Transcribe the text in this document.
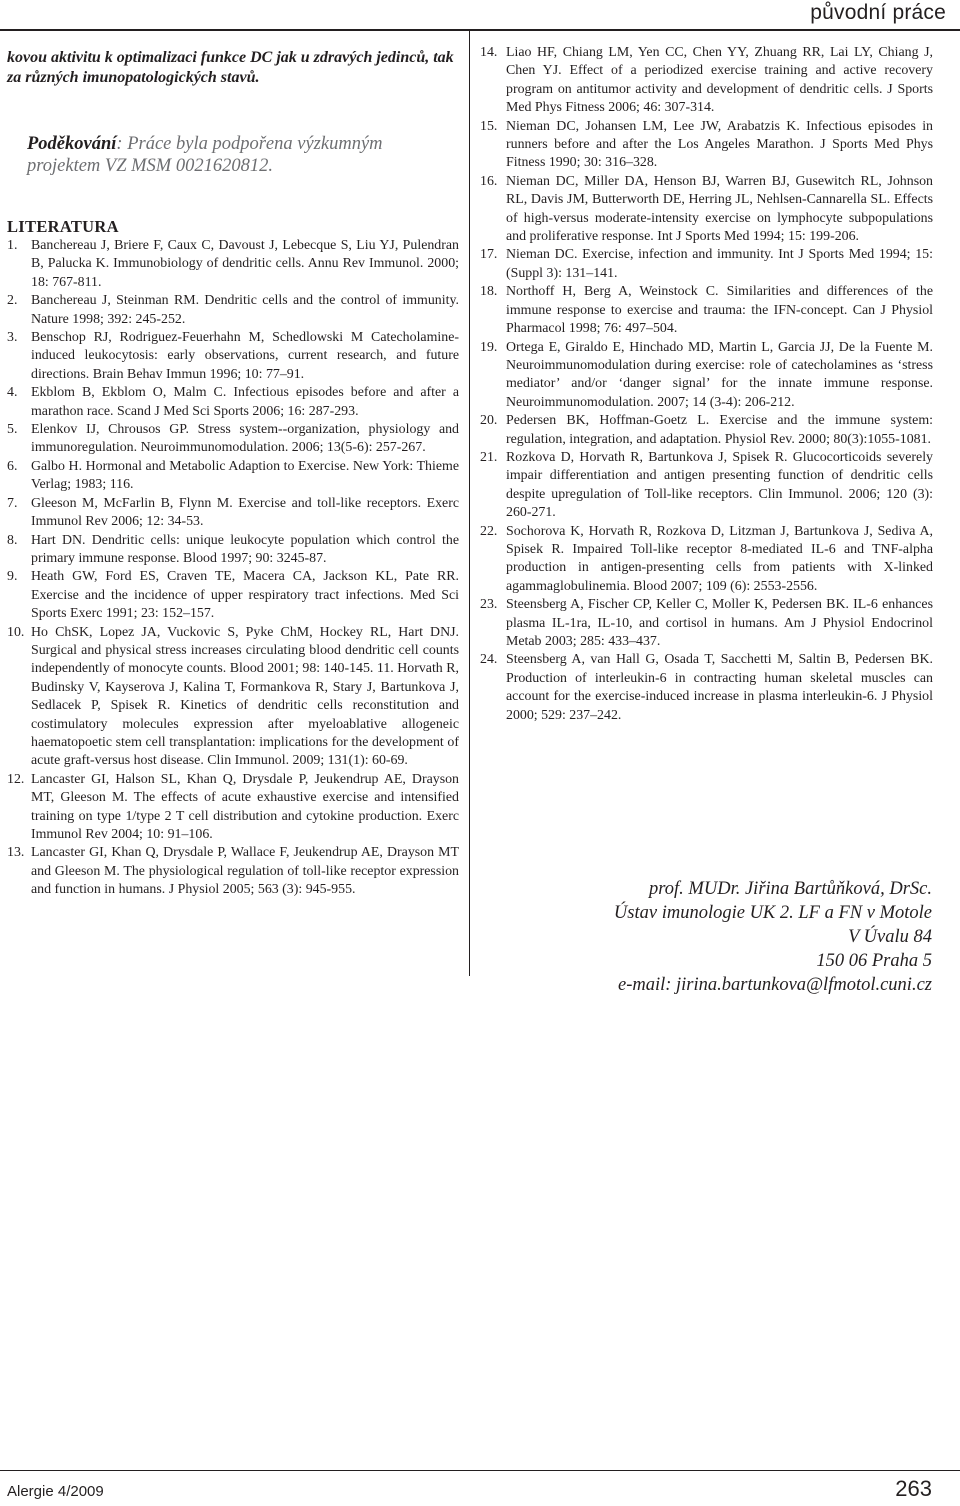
původní práce

kovou aktivitu k optimalizaci funkce DC jak u zdravých jedinců, tak za různých imunopatologických stavů.

Poděkování: Práce byla podpořena výzkumným projektem VZ MSM 0021620812.

LITERATURA
1. Banchereau J, Briere F, Caux C, Davoust J, Lebecque S, Liu YJ, Pulendran B, Palucka K. Immunobiology of dendritic cells. Annu Rev Immunol. 2000; 18: 767-811.
2. Banchereau J, Steinman RM. Dendritic cells and the control of immunity. Nature 1998; 392: 245-252.
3. Benschop RJ, Rodriguez-Feuerhahn M, Schedlowski M Catecholamine-induced leukocytosis: early observations, current research, and future directions. Brain Behav Immun 1996; 10: 77–91.
4. Ekblom B, Ekblom O, Malm C. Infectious episodes before and after a marathon race. Scand J Med Sci Sports 2006; 16: 287-293.
5. Elenkov IJ, Chrousos GP. Stress system--organization, physiology and immunoregulation. Neuroimmunomodulation. 2006; 13(5-6): 257-267.
6. Galbo H. Hormonal and Metabolic Adaption to Exercise. New York: Thieme Verlag; 1983; 116.
7. Gleeson M, McFarlin B, Flynn M. Exercise and toll-like receptors. Exerc Immunol Rev 2006; 12: 34-53.
8. Hart DN. Dendritic cells: unique leukocyte population which control the primary immune response. Blood 1997; 90: 3245-87.
9. Heath GW, Ford ES, Craven TE, Macera CA, Jackson KL, Pate RR. Exercise and the incidence of upper respiratory tract infections. Med Sci Sports Exerc 1991; 23: 152–157.
10. Ho ChSK, Lopez JA, Vuckovic S, Pyke ChM, Hockey RL, Hart DNJ. Surgical and physical stress increases circulating blood dendritic cell counts independently of monocyte counts. Blood 2001; 98: 140-145. 11. Horvath R, Budinsky V, Kayserova J, Kalina T, Formankova R, Stary J, Bartunkova J, Sedlacek P, Spisek R. Kinetics of dendritic cells reconstitution and costimulatory molecules expression after myeloablative allogeneic haematopoetic stem cell transplantation: implications for the development of acute graft-versus host disease. Clin Immunol. 2009; 131(1): 60-69.
12. Lancaster GI, Halson SL, Khan Q, Drysdale P, Jeukendrup AE, Drayson MT, Gleeson M. The effects of acute exhaustive exercise and intensified training on type 1/type 2 T cell distribution and cytokine production. Exerc Immunol Rev 2004; 10: 91–106.
13. Lancaster GI, Khan Q, Drysdale P, Wallace F, Jeukendrup AE, Drayson MT and Gleeson M. The physiological regulation of toll-like receptor expression and function in humans. J Physiol 2005; 563 (3): 945-955.
14. Liao HF, Chiang LM, Yen CC, Chen YY, Zhuang RR, Lai LY, Chiang J, Chen YJ. Effect of a periodized exercise training and active recovery program on antitumor activity and development of dendritic cells. J Sports Med Phys Fitness 2006; 46: 307-314.
15. Nieman DC, Johansen LM, Lee JW, Arabatzis K. Infectious episodes in runners before and after the Los Angeles Marathon. J Sports Med Phys Fitness 1990; 30: 316–328.
16. Nieman DC, Miller DA, Henson BJ, Warren BJ, Gusewitch RL, Johnson RL, Davis JM, Butterworth DE, Herring JL, Nehlsen-Cannarella SL. Effects of high-versus moderate-intensity exercise on lymphocyte subpopulations and proliferative response. Int J Sports Med 1994; 15: 199-206.
17. Nieman DC. Exercise, infection and immunity. Int J Sports Med 1994; 15: (Suppl 3): 131–141.
18. Northoff H, Berg A, Weinstock C. Similarities and differences of the immune response to exercise and trauma: the IFN-concept. Can J Physiol Pharmacol 1998; 76: 497–504.
19. Ortega E, Giraldo E, Hinchado MD, Martin L, Garcia JJ, De la Fuente M. Neuroimmunomodulation during exercise: role of catecholamines as ‘stress mediator’ and/or ‘danger signal’ for the innate immune response. Neuroimmunomodulation. 2007; 14 (3-4): 206-212.
20. Pedersen BK, Hoffman-Goetz L. Exercise and the immune system: regulation, integration, and adaptation. Physiol Rev. 2000; 80(3):1055-1081.
21. Rozkova D, Horvath R, Bartunkova J, Spisek R. Glucocorticoids severely impair differentiation and antigen presenting function of dendritic cells despite upregulation of Toll-like receptors. Clin Immunol. 2006; 120 (3): 260-271.
22. Sochorova K, Horvath R, Rozkova D, Litzman J, Bartunkova J, Sediva A, Spisek R. Impaired Toll-like receptor 8-mediated IL-6 and TNF-alpha production in antigen-presenting cells from patients with X-linked agammaglobulinemia. Blood 2007; 109 (6): 2553-2556.
23. Steensberg A, Fischer CP, Keller C, Moller K, Pedersen BK. IL-6 enhances plasma IL-1ra, IL-10, and cortisol in humans. Am J Physiol Endocrinol Metab 2003; 285: 433–437.
24. Steensberg A, van Hall G, Osada T, Sacchetti M, Saltin B, Pedersen BK. Production of interleukin-6 in contracting human skeletal muscles can account for the exercise-induced increase in plasma interleukin-6. J Physiol 2000; 529: 237–242.
prof. MUDr. Jiřina Bartůňková, DrSc.
Ústav imunologie UK 2. LF a FN v Motole
V Úvalu 84
150 06 Praha 5
e-mail: jirina.bartunkova@lfmotol.cuni.cz
Alergie 4/2009	263
